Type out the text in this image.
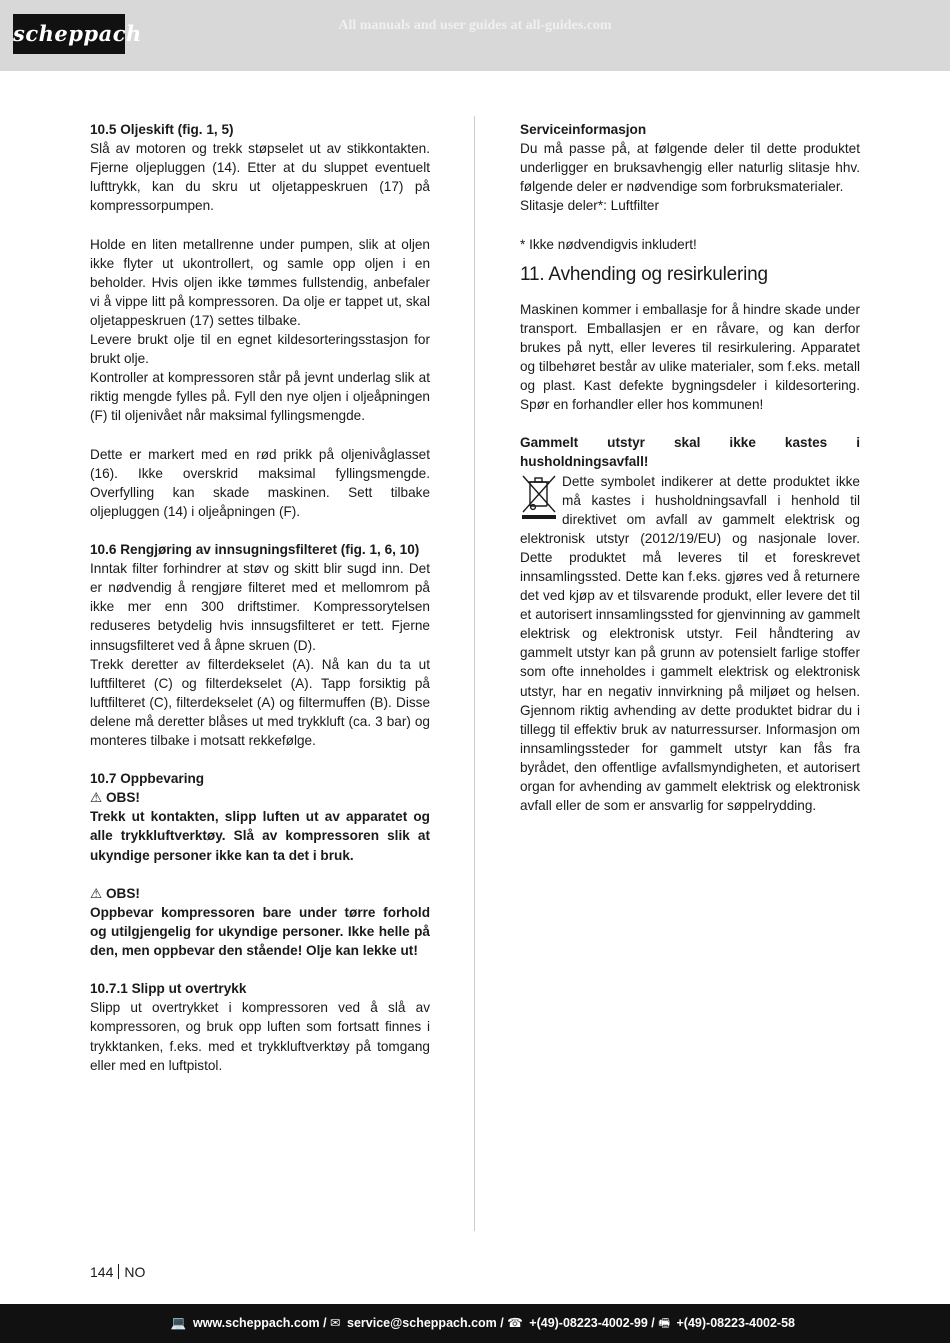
scheppach	All manuals and user guides at all-guides.com

10.5 Oljeskift (fig. 1, 5)

Slå av motoren og trekk støpselet ut av stikkontakten. Fjerne oljepluggen (14). Etter at du sluppet eventuelt lufttrykk, kan du skru ut oljetappeskruen (17) på kompressorpumpen.

Holde en liten metallrenne under pumpen, slik at oljen ikke flyter ut ukontrollert, og samle opp oljen i en beholder. Hvis oljen ikke tømmes fullstendig, anbefaler vi å vippe litt på kompressoren. Da olje er tappet ut, skal oljetappeskruen (17) settes tilbake.

Levere brukt olje til en egnet kildesorteringsstasjon for brukt olje.

Kontroller at kompressoren står på jevnt underlag slik at riktig mengde fylles på. Fyll den nye oljen i oljeåpningen (F) til oljenivået når maksimal fyllingsmengde.

Dette er markert med en rød prikk på oljenivåglasset (16). Ikke overskrid maksimal fyllingsmengde. Overfylling kan skade maskinen. Sett tilbake oljepluggen (14) i oljeåpningen (F).

10.6 Rengjøring av innsugningsfilteret (fig. 1, 6, 10)

Inntak filter forhindrer at støv og skitt blir sugd inn. Det er nødvendig å rengjøre filteret med et mellomrom på ikke mer enn 300 driftstimer. Kompressorytelsen reduseres betydelig hvis innsugsfilteret er tett. Fjerne innsugsfilteret ved å åpne skruen (D).

Trekk deretter av filterdekselet (A). Nå kan du ta ut luftfilteret (C) og filterdekselet (A). Tapp forsiktig på luftfilteret (C), filterdekselet (A) og filtermuffen (B). Disse delene må deretter blåses ut med trykkluft (ca. 3 bar) og monteres tilbake i motsatt rekkefølge.

10.7 Oppbevaring

⚠ OBS!

Trekk ut kontakten, slipp luften ut av apparatet og alle trykkluftverktøy. Slå av kompressoren slik at ukyndige personer ikke kan ta det i bruk.

⚠ OBS!

Oppbevar kompressoren bare under tørre forhold og utilgjengelig for ukyndige personer. Ikke helle på den, men oppbevar den stående! Olje kan lekke ut!

10.7.1 Slipp ut overtrykk

Slipp ut overtrykket i kompressoren ved å slå av kompressoren, og bruk opp luften som fortsatt finnes i trykktanken, f.eks. med et trykkluftverktøy på tomgang eller med en luftpistol.

Serviceinformasjon

Du må passe på, at følgende deler til dette produktet underligger en bruksavhengig eller naturlig slitasje hhv. følgende deler er nødvendige som forbruksmaterialer.

Slitasje deler*: Luftfilter

* Ikke nødvendigvis inkludert!

11. Avhending og resirkulering

Maskinen kommer i emballasje for å hindre skade under transport. Emballasjen er en råvare, og kan derfor brukes på nytt, eller leveres til resirkulering. Apparatet og tilbehøret består av ulike materialer, som f.eks. metall og plast. Kast defekte bygningsdeler i kildesortering. Spør en forhandler eller hos kommunen!

Gammelt utstyr skal ikke kastes i husholdningsavfall!

Dette symbolet indikerer at dette produktet ikke må kastes i husholdningsavfall i henhold til direktivet om avfall av gammelt elektrisk og elektronisk utstyr (2012/19/EU) og nasjonale lover. Dette produktet må leveres til et foreskrevet innsamlingssted. Dette kan f.eks. gjøres ved å returnere det ved kjøp av et tilsvarende produkt, eller levere det til et autorisert innsamlingssted for gjenvinning av gammelt elektrisk og elektronisk utstyr. Feil håndtering av gammelt utstyr kan på grunn av potensielt farlige stoffer som ofte inneholdes i gammelt elektrisk og elektronisk utstyr, har en negativ innvirkning på miljøet og helsen. Gjennom riktig avhending av dette produktet bidrar du i tillegg til effektiv bruk av naturressurser. Informasjon om innsamlingssteder for gammelt utstyr kan fås fra byrådet, den offentlige avfallsmyndigheten, et autorisert organ for avhending av gammelt elektrisk og elektronisk avfall eller de som er ansvarlig for søppelrydding.

144 NO
💻 www.scheppach.com / ✉ service@scheppach.com / ☎ +(49)-08223-4002-99 / 🖷 +(49)-08223-4002-58
